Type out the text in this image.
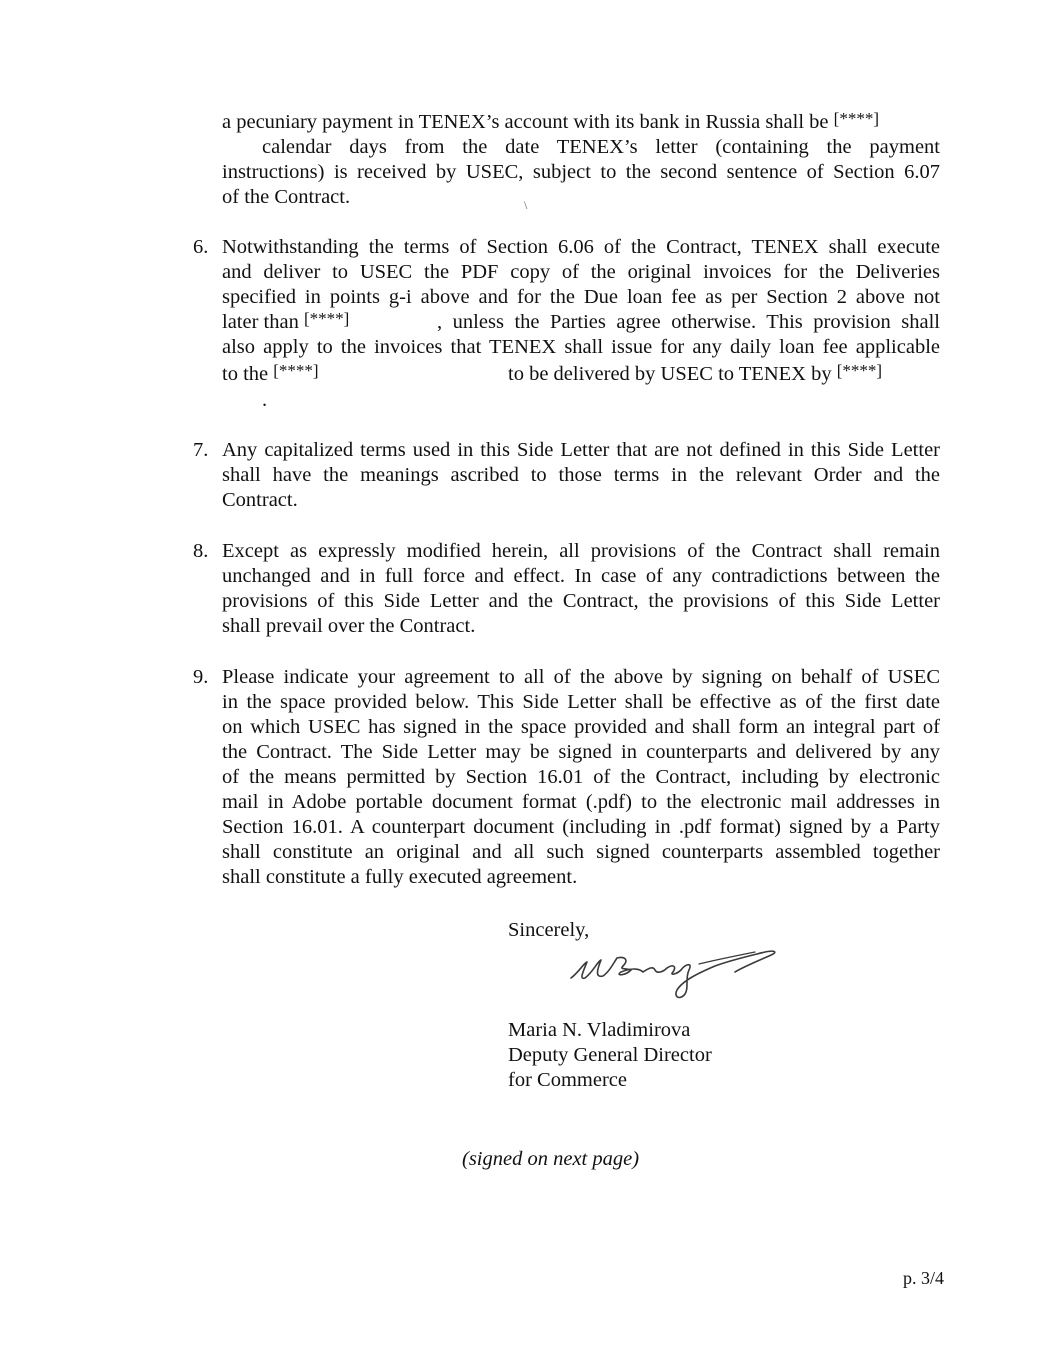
a pecuniary payment in TENEX’s account with its bank in Russia shall be [****]
calendar days from the date TENEX’s letter (containing the payment
instructions) is received by USEC, subject to the second sentence of Section 6.07
of the Contract.	\
6. Notwithstanding the terms of Section 6.06 of the Contract, TENEX shall execute
and deliver to USEC the PDF copy of the original invoices for the Deliveries
specified in points g-i above and for the Due loan fee as per Section 2 above not
later than [****]	, unless the Parties agree otherwise. This provision shall
also apply to the invoices that TENEX shall issue for any daily loan fee applicable
to the [****]	to be delivered by USEC to TENEX by [****]
.
7. Any capitalized terms used in this Side Letter that are not defined in this Side Letter
shall have the meanings ascribed to those terms in the relevant Order and the
Contract.
8. Except as expressly modified herein, all provisions of the Contract shall remain
unchanged and in full force and effect. In case of any contradictions between the
provisions of this Side Letter and the Contract, the provisions of this Side Letter
shall prevail over the Contract.
9. Please indicate your agreement to all of the above by signing on behalf of USEC
in the space provided below. This Side Letter shall be effective as of the first date
on which USEC has signed in the space provided and shall form an integral part of
the Contract. The Side Letter may be signed in counterparts and delivered by any
of the means permitted by Section 16.01 of the Contract, including by electronic
mail in Adobe portable document format (.pdf) to the electronic mail addresses in
Section 16.01. A counterpart document (including in .pdf format) signed by a Party
shall constitute an original and all such signed counterparts assembled together
shall constitute a fully executed agreement.
Sincerely,
Maria N. Vladimirova
Deputy General Director
for Commerce
(signed on next page)
p. 3/4
